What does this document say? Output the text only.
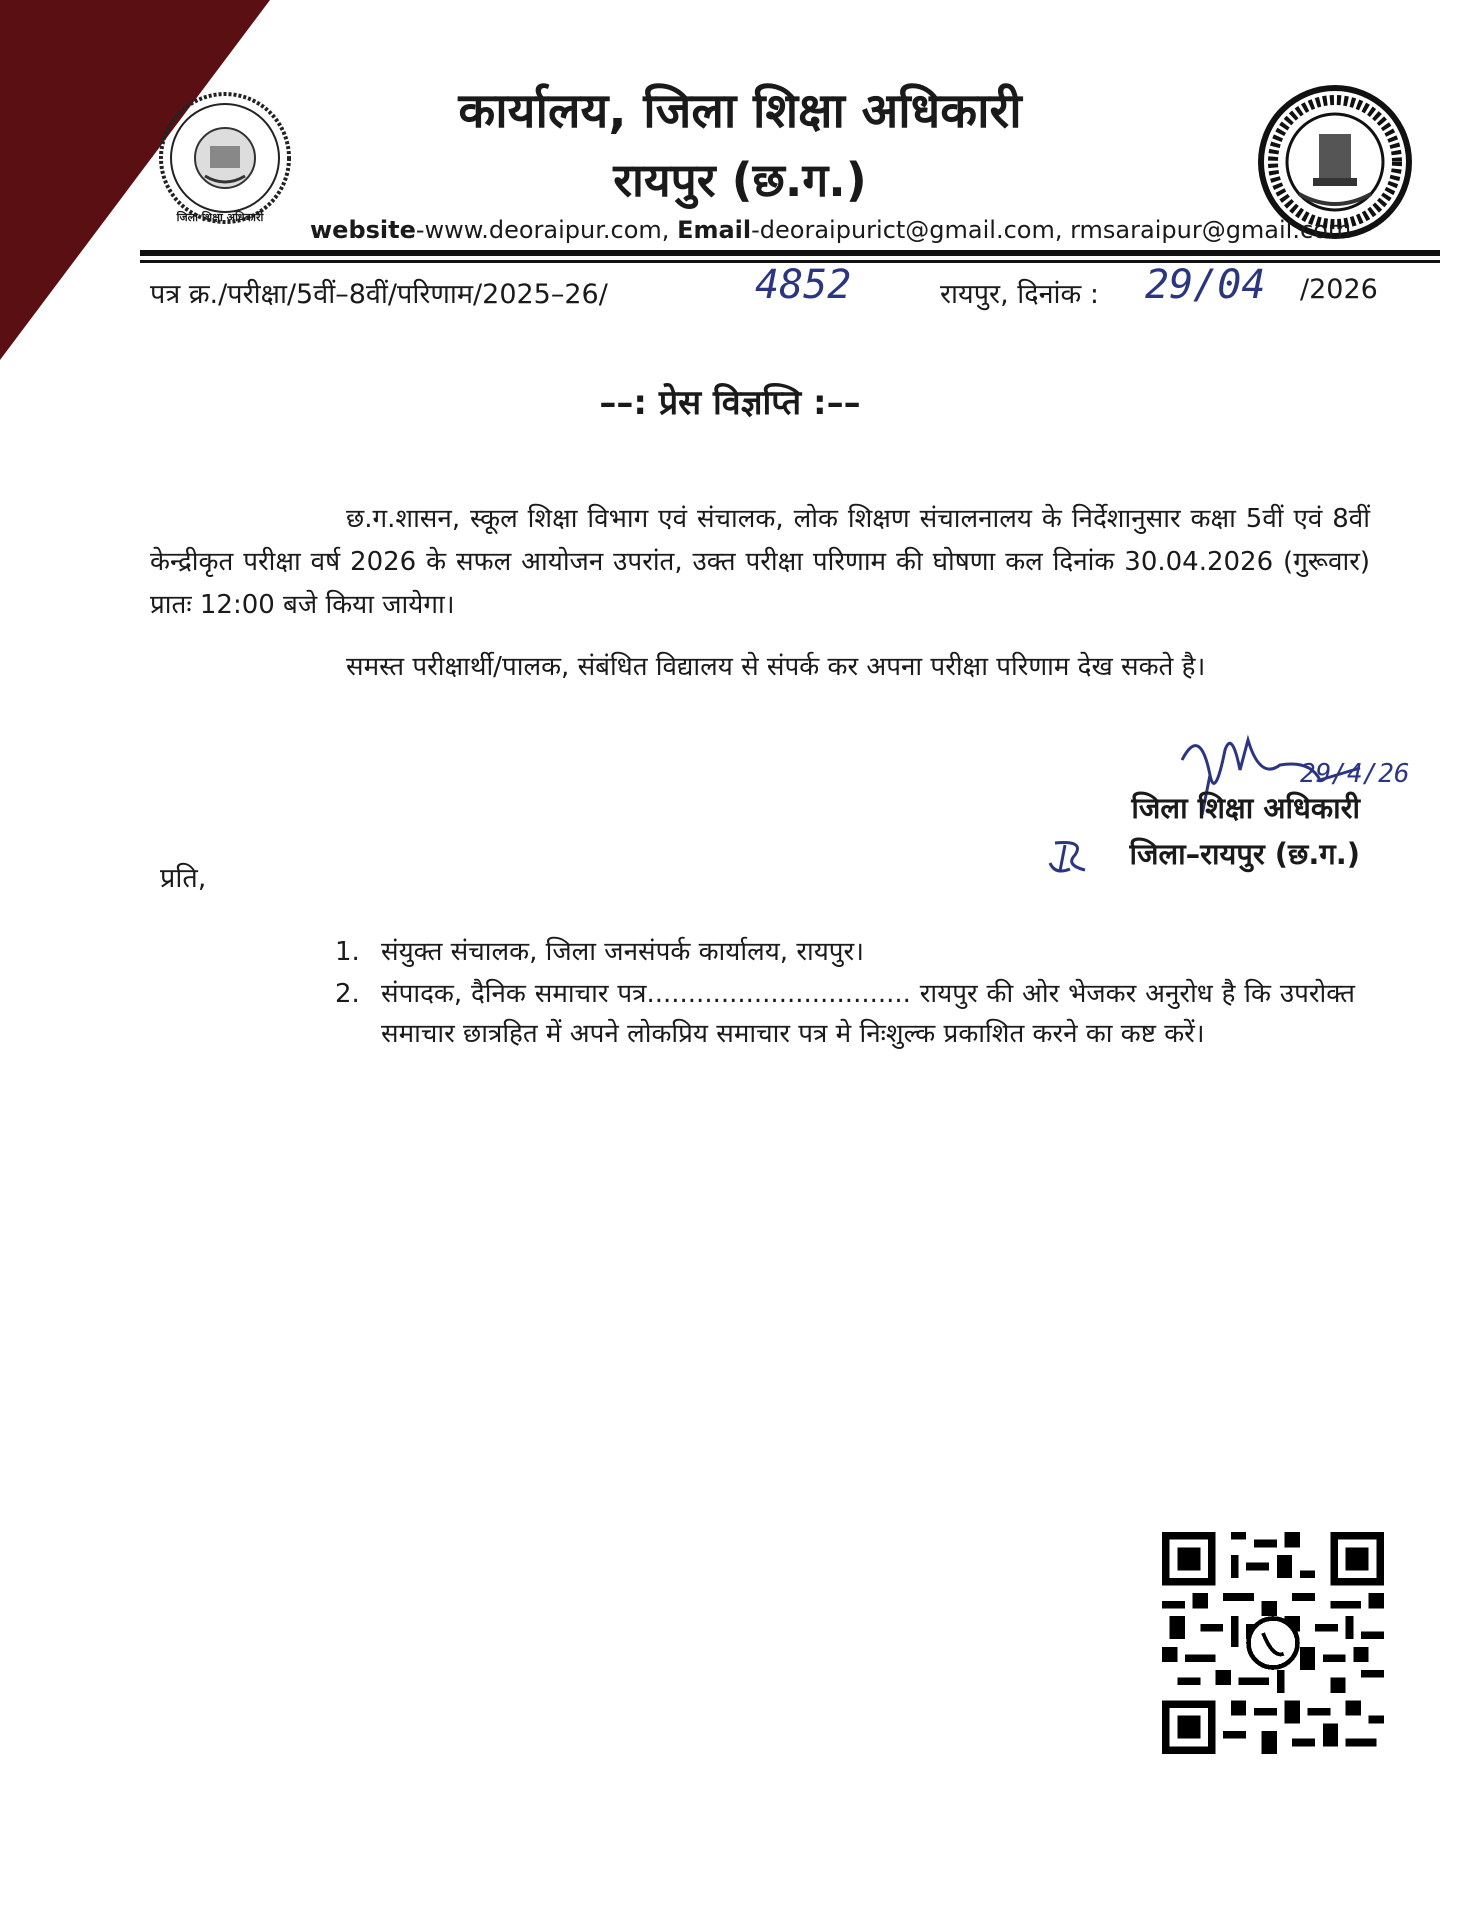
जिला शिक्षा अधिकारी
कार्यालय, जिला शिक्षा अधिकारी
रायपुर (छ.ग.)
website-www.deoraipur.com, Email-deoraipurict@gmail.com, rmsaraipur@gmail.com
पत्र क्र./परीक्षा/5वीं–8वीं/परिणाम/2025–26/	4852	रायपुर, दिनांक : 29/04 /2026
––: प्रेस विज्ञप्ति :––
छ.ग.शासन, स्कूल शिक्षा विभाग एवं संचालक, लोक शिक्षण संचालनालय के निर्देशानुसार कक्षा 5वीं एवं 8वीं केन्द्रीकृत परीक्षा वर्ष 2026 के सफल आयोजन उपरांत, उक्त परीक्षा परिणाम की घोषणा कल दिनांक 30.04.2026 (गुरूवार) प्रातः 12:00 बजे किया जायेगा।
समस्त परीक्षार्थी/पालक, संबंधित विद्यालय से संपर्क कर अपना परीक्षा परिणाम देख सकते है।
29/4/26
जिला शिक्षा अधिकारी
जिला–रायपुर (छ.ग.)
प्रति,
1. संयुक्त संचालक, जिला जनसंपर्क कार्यालय, रायपुर।
2. संपादक, दैनिक समाचार पत्र................................ रायपुर की ओर भेजकर अनुरोध है कि उपरोक्त समाचार छात्रहित में अपने लोकप्रिय समाचार पत्र मे निःशुल्क प्रकाशित करने का कष्ट करें।
